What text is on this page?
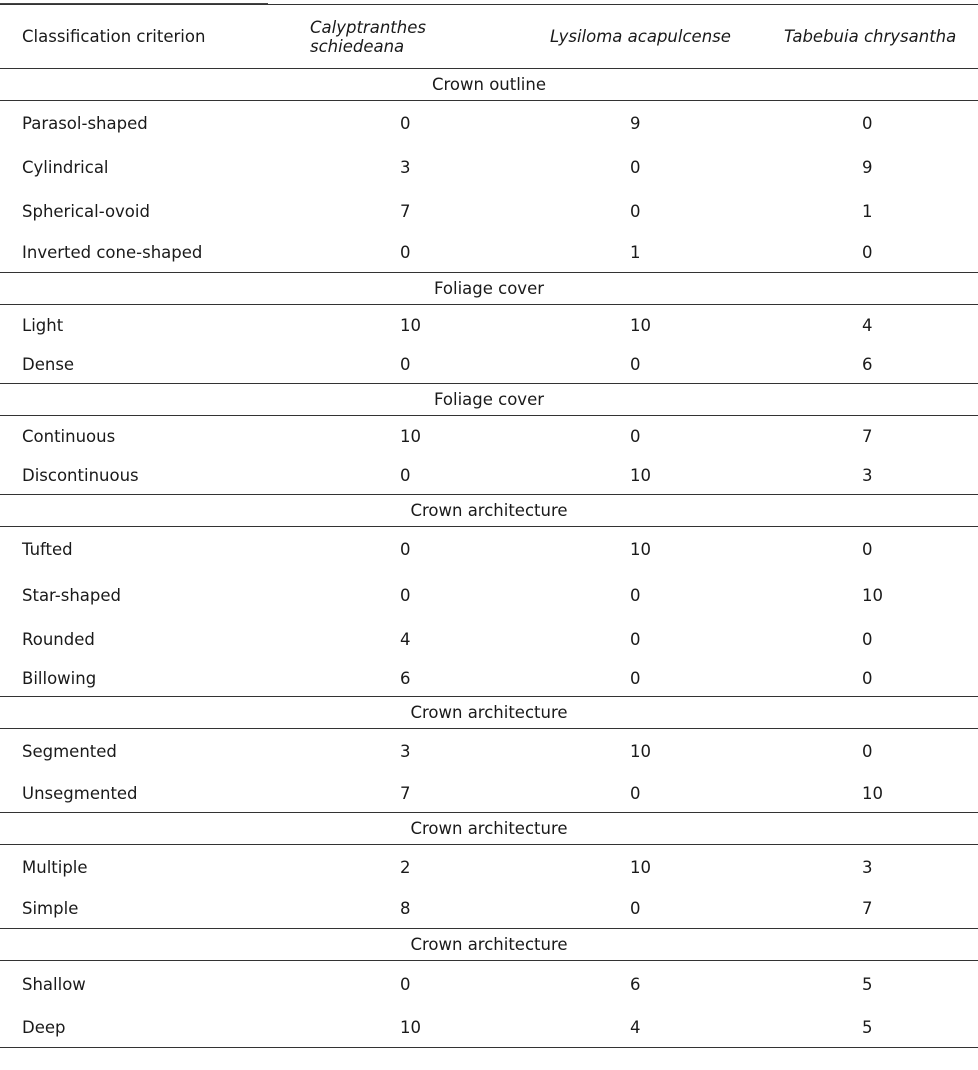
Classification criterion	Calyptranthes schiedeana	Lysiloma acapulcense	Tabebuia chrysantha
Crown outline			
Parasol-shaped	0	9	0
Cylindrical	3	0	9
Spherical-ovoid	7	0	1
Inverted cone-shaped	0	1	0
Foliage cover			
Light	10	10	4
Dense	0	0	6
Foliage cover			
Continuous	10	0	7
Discontinuous	0	10	3
Crown architecture			
Tufted	0	10	0
Star-shaped	0	0	10
Rounded	4	0	0
Billowing	6	0	0
Crown architecture			
Segmented	3	10	0
Unsegmented	7	0	10
Crown architecture			
Multiple	2	10	3
Simple	8	0	7
Crown architecture			
Shallow	0	6	5
Deep	10	4	5
